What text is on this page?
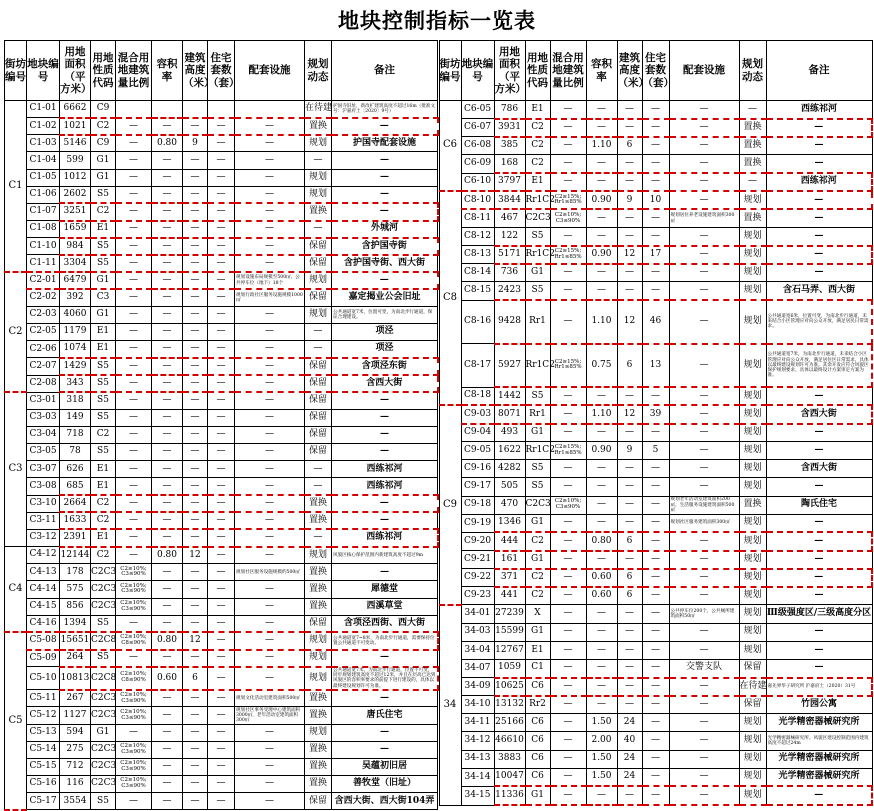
地块控制指标一览表
街坊编号	地块编号	用地面积（平方米）	用地性质代码	混合用地建筑量比例	容积率	建筑高度（米）	住宅套数（套）	配套设施	规划动态	备注
C1	C1-01	6662	C9						在待建	护国寺旧址，新改扩建筑高度不超过16m（批准文号：沪嘉府土〔2020〕9号）
	C1-02	1021	C2	—	—	—	—	—	置换	—
	C1-03	5146	C9	—	0.80	9	—	—	规划	护国寺配套设施
	C1-04	599	G1	—	—	—	—	—	—	—
	C1-05	1012	G1	—	—	—	—	—	规划	—
	C1-06	2602	S5	—	—	—	—	—	规划	—
	C1-07	3251	C2	—	—	—	—	—	置换	—
	C1-08	1659	E1	—	—	—	—	—	—	外城河
	C1-10	984	S5	—	—	—	—	—	保留	含护国寺街
	C1-11	3304	S5	—	—	—	—	—	保留	含护国寺街、西大街
C2	C2-01	6479	G1	—	—	—	—	规划设施布局规模至500㎡，公共停车位（地下）18个	规划	—
	C2-02	392	C3	—	—	—	—	规划行政社区服务设施规模1000㎡	保留	嘉定揭业公会旧址
	C2-03	4060	G1	—	—	—	—	—	规划	公共通道宽7米，位置可变，为南北步行通道，保证合理建设。
	C2-05	1179	E1	—	—	—	—	—	—	项泾
	C2-06	1074	E1	—	—	—	—	—	—	项泾
	C2-07	1429	S5	—	—	—	—	—	保留	含项泾东街
	C2-08	343	S5	—	—	—	—	—	保留	含西大街
C3	C3-01	318	S5	—	—	—	—	—	保留	—
	C3-03	149	S5	—	—	—	—	—	保留	—
	C3-04	718	C2	—	—	—	—	—	保留	—
	C3-05	78	S5	—	—	—	—	—	保留	—
	C3-07	626	E1	—	—	—	—	—	—	西练祁河
	C3-08	685	E1	—	—	—	—	—	—	西练祁河
	C3-10	2664	C2	—	—	—	—	—	置换	—
	C3-11	1633	C2	—	—	—	—	—	置换	—
	C3-12	2391	E1	—	—	—	—	—	—	西练祁河
C4	C4-12	12144	C2	—	0.80	12	—	—	规划	风貌区核心保护范围内新建筑高度不超过9m
	C4-13	178	C2C3	C2≥10%; C3≤90%	—	—	—	规划社区服务设施规模约500㎡	置换	—
	C4-14	575	C2C3	C2≥10%; C3≤90%	—	—	—	—	置换	犀德堂
	C4-15	856	C2C3	C2≥10%; C3≤90%	—	—	—	—	置换	西溪草堂
	C4-16	1394	S5	—	—	—	—	—	保留	含项泾西街、西大街
C5	C5-08	15651	C2C8	C2≥10%; C8≤90%	0.80	12	—	—	规划	公共通道宽7~8米，为南北步行通道，需要保持位置公共通道不可变动。
	C5-09	264	S5	—	—	—	—	—	规划	—
	C5-10	10813	C2C8	C2≥10%; C8≤90%	0.60	6	—	—	规划	公共通道宽7米，为南北步行通道，位置不可变，同步规划建筑高度不超过12米，并且在层高已达到风貌区的容积率要求的前提下进行建设的，具体以最终建设规划许可为准。
	C5-11	267	C2C3	C2≥10%; C3≤90%	—	—	—	规划文化活动室建筑面积500㎡	置换	—
	C5-12	1127	C2C3	C2≥10%; C3≤90%	—	—	—	规划社区事务受理中心建筑面积3000㎡，老年活动室建筑面积300㎡	置换	唐氏住宅
	C5-13	594	G1	—	—	—	—	—	规划	—
	C5-14	275	C2C3	C2≥10%; C3≤90%	—	—	—	—	置换	—
	C5-15	712	C2C3	C2≥10%; C3≤90%	—	—	—	—	置换	吴蕴初旧居
	C5-16	116	C2C3	C2≥10%; C3≤90%	—	—	—	—	置换	善牧堂（旧址）
	C5-17	3554	S5	—	—	—	—	—	保留	含西大街、西大街104弄
街坊编号	地块编号	用地面积（平方米）	用地性质代码	混合用地建筑量比例	容积率	建筑高度（米）	住宅套数（套）	配套设施	规划动态	备注
C6	C6-05	786	E1	—	—	—	—	—	—	西练祁河
	C6-07	3931	C2	—	—	—	—	—	置换	—
	C6-08	385	C2	—	1.10	6	—	—	置换	—
	C6-09	168	C2	—	—	—	—	—	置换	—
	C6-10	3797	E1	—	—	—	—	—	—	西练祁河
C8	C8-10	3844	Rr1C2	C2≥15%; Rr1≤85%	0.90	9	10	—	规划	—
	C8-11	467	C2C3	C2≥10%; C3≤90%	—	—	—	规划居住养老设施建筑面积300㎡	置换	—
	C8-12	122	S5	—	—	—	—	—	规划	—
	C8-13	5171	Rr1C2	C2≥15%; Rr1≤85%	0.90	12	17	—	规划	—
	C8-14	736	G1	—	—	—	—	—	规划	—
	C8-15	2423	S5	—	—	—	—	—	规划	含石马弄、西大街
	C8-16	9428	Rr1	—	1.10	12	46	—	规划	公共通道宽6米，位置可变，为南北步行通道，未来结合小区管理应对向公众开放，满足居民日常需求。
	C8-17	5927	Rr1C2	C2≥15%; Rr1≤85%	0.75	6	13	—	规划	公共通道宽7米，为南北步行通道，未来结合小区管理应对向公众开放，满足居住区日常需求，具体以最终建设规划许可为准。其余开发应符合风貌区保护规划要求，具体以最终设计方案审定方案为准。
	C8-18	1442	S5	—	—	—	—	—	规划	—
C9	C9-03	8071	Rr1	—	1.10	12	39	—	规划	含西大街
	C9-04	493	G1	—	—	—	—	—	规划	—
	C9-05	1622	Rr1C2	C2≥15%; Rr1≤85%	0.90	9	5	—	规划	—
	C9-16	4282	S5	—	—	—	—	—	规划	含西大街
	C9-17	505	S5	—	—	—	—	—	规划	—
	C9-18	470	C2C3	C2≥10%; C3≤90%	—	—	—	规划老年活动室建筑面积200㎡，生活服务设施建筑面积500㎡	置换	陶氏住宅
	C9-19	1346	G1	—	—	—	—	规划社区服务建筑面积300㎡	规划	—
	C9-20	444	C2	—	0.80	6	—	—	规划	—
	C9-21	161	G1	—	—	—	—	—	规划	—
	C9-22	371	C2	—	0.60	6	—	—	规划	—
	C9-23	441	C2	—	0.60	6	—	—	规划	—
34	34-01	27239	X	—	—	—	—	公共停车位200个，公共厕所建筑面积50㎡	规划	Ⅲ级强度区/三级高度分区
	34-03	15599	G1	—	—	—	—	—	规划	—
	34-04	12767	E1	—	—	—	—	—	规划	—
	34-07	1059	C1	—	—	—	—	交警支队	保留	—
	34-09	10625	C6	—	—	—	—	—	在待建	嘉先界华子研究所 沪嘉府土（2020）31号
	34-10	13132	Rr2	—	—	—	—	—	保留	竹园公寓
	34-11	25166	C6	—	1.50	24	—	—	规划	光学精密器械研究所
	34-12	46610	C6	—	2.00	40	—	—	规划	光学精密器械研究所。风貌区建设控制范围内建筑高度不超过24m
	34-13	3883	C6	—	1.50	24	—	—	规划	光学精密器械研究所
	34-14	10047	C6	—	1.50	24	—	—	规划	光学精密器械研究所
	34-15	11336	G1	—	—	—	—	—	规划	—
